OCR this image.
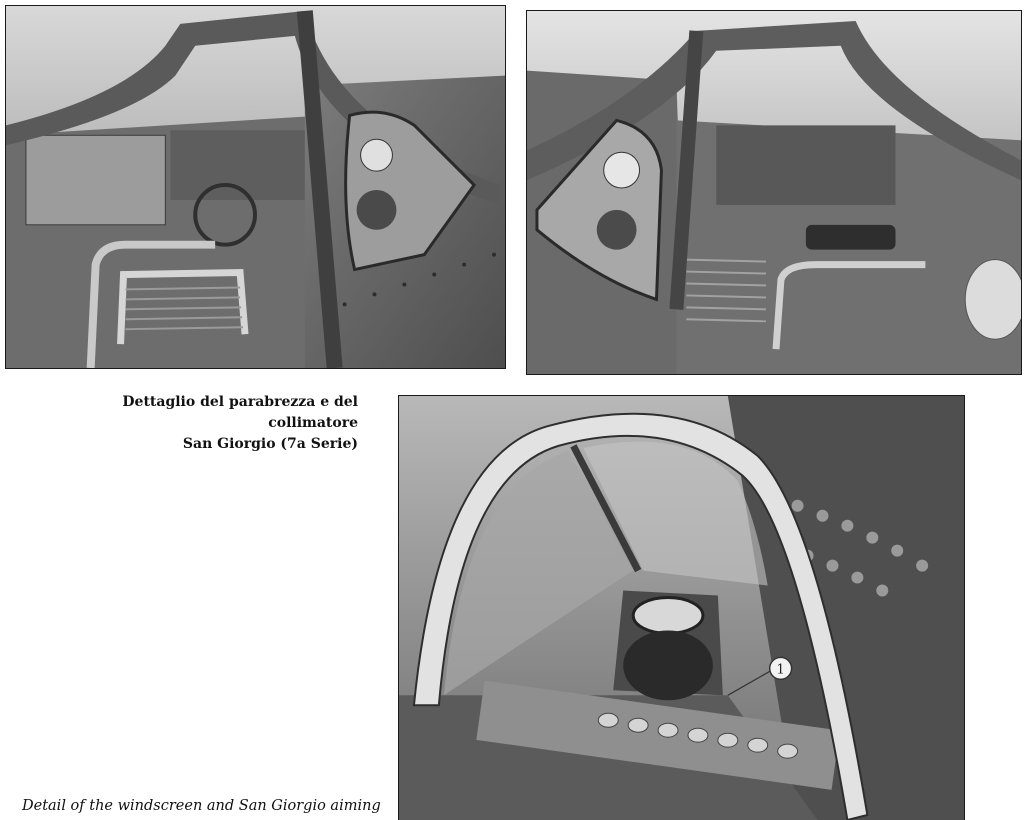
1
Dettaglio del parabrezza e del collimatore
San Giorgio (7a Serie)
Detail of the windscreen and San Giorgio aiming
